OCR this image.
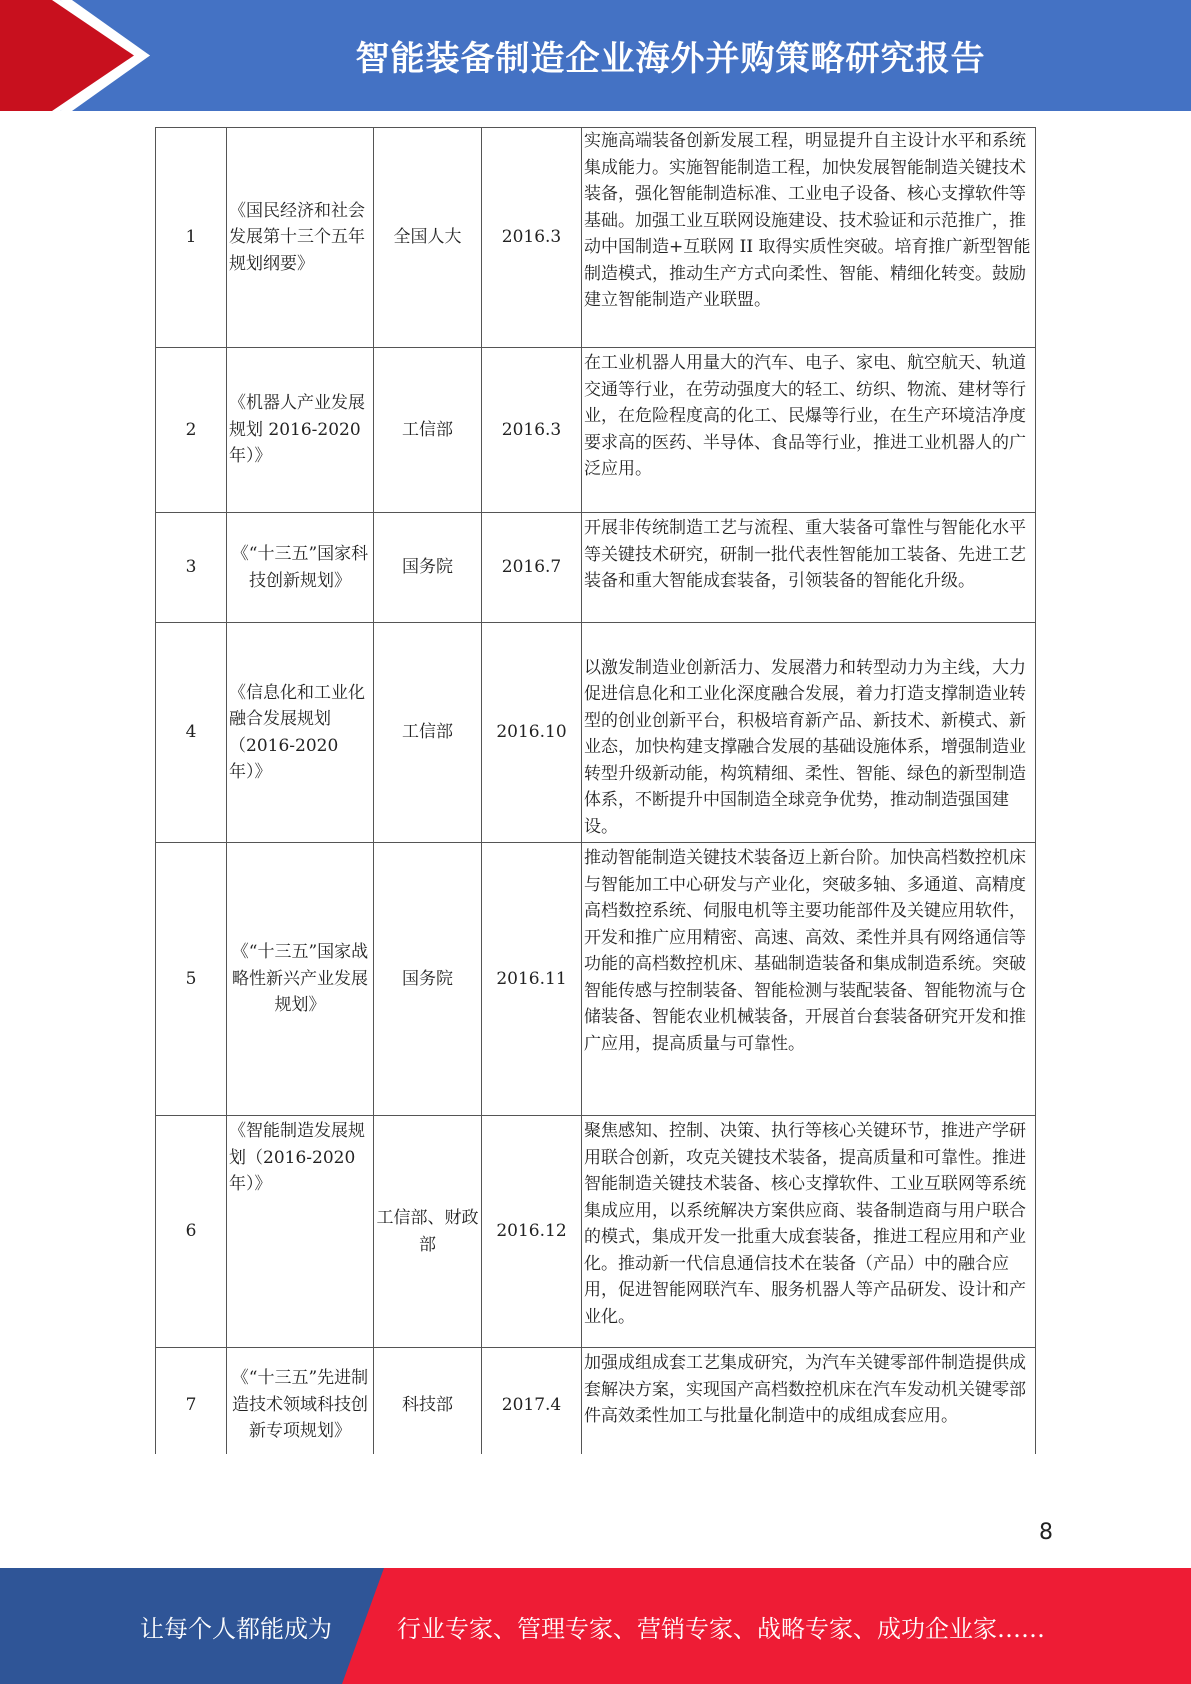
智能装备制造企业海外并购策略研究报告
1	《国民经济和社会发展第十三个五年规划纲要》	全国人大	2016.3	实施高端装备创新发展工程，明显提升自主设计水平和系统集成能力。实施智能制造工程，加快发展智能制造关键技术装备，强化智能制造标准、工业电子设备、核心支撑软件等基础。加强工业互联网设施建设、技术验证和示范推广，推动中国制造+互联网 II 取得实质性突破。培育推广新型智能制造模式，推动生产方式向柔性、智能、精细化转变。鼓励建立智能制造产业联盟。
2	《机器人产业发展规划 2016-2020 年）》	工信部	2016.3	在工业机器人用量大的汽车、电子、家电、航空航天、轨道交通等行业，在劳动强度大的轻工、纺织、物流、建材等行业，在危险程度高的化工、民爆等行业，在生产环境洁净度要求高的医药、半导体、食品等行业，推进工业机器人的广泛应用。
3	《“十三五”国家科技创新规划》	国务院	2016.7	开展非传统制造工艺与流程、重大装备可靠性与智能化水平等关键技术研究，研制一批代表性智能加工装备、先进工艺装备和重大智能成套装备，引领装备的智能化升级。
4	《信息化和工业化融合发展规划（2016-2020 年）》	工信部	2016.10	以激发制造业创新活力、发展潜力和转型动力为主线，大力促进信息化和工业化深度融合发展，着力打造支撑制造业转型的创业创新平台，积极培育新产品、新技术、新模式、新业态，加快构建支撑融合发展的基础设施体系，增强制造业转型升级新动能，构筑精细、柔性、智能、绿色的新型制造体系，不断提升中国制造全球竞争优势，推动制造强国建设。
5	《“十三五”国家战略性新兴产业发展规划》	国务院	2016.11	推动智能制造关键技术装备迈上新台阶。加快高档数控机床与智能加工中心研发与产业化，突破多轴、多通道、高精度高档数控系统、伺服电机等主要功能部件及关键应用软件，开发和推广应用精密、高速、高效、柔性并具有网络通信等功能的高档数控机床、基础制造装备和集成制造系统。突破智能传感与控制装备、智能检测与装配装备、智能物流与仓储装备、智能农业机械装备，开展首台套装备研究开发和推广应用，提高质量与可靠性。
6	《智能制造发展规划（2016-2020 年）》	工信部、财政部	2016.12	聚焦感知、控制、决策、执行等核心关键环节，推进产学研用联合创新，攻克关键技术装备，提高质量和可靠性。推进智能制造关键技术装备、核心支撑软件、工业互联网等系统集成应用，以系统解决方案供应商、装备制造商与用户联合的模式，集成开发一批重大成套装备，推进工程应用和产业化。推动新一代信息通信技术在装备（产品）中的融合应用，促进智能网联汽车、服务机器人等产品研发、设计和产业化。
7	《“十三五”先进制造技术领域科技创新专项规划》	科技部	2017.4	加强成组成套工艺集成研究，为汽车关键零部件制造提供成套解决方案，实现国产高档数控机床在汽车发动机关键零部件高效柔性加工与批量化制造中的成组成套应用。
8
让每个人都能成为	行业专家、管理专家、营销专家、战略专家、成功企业家……
